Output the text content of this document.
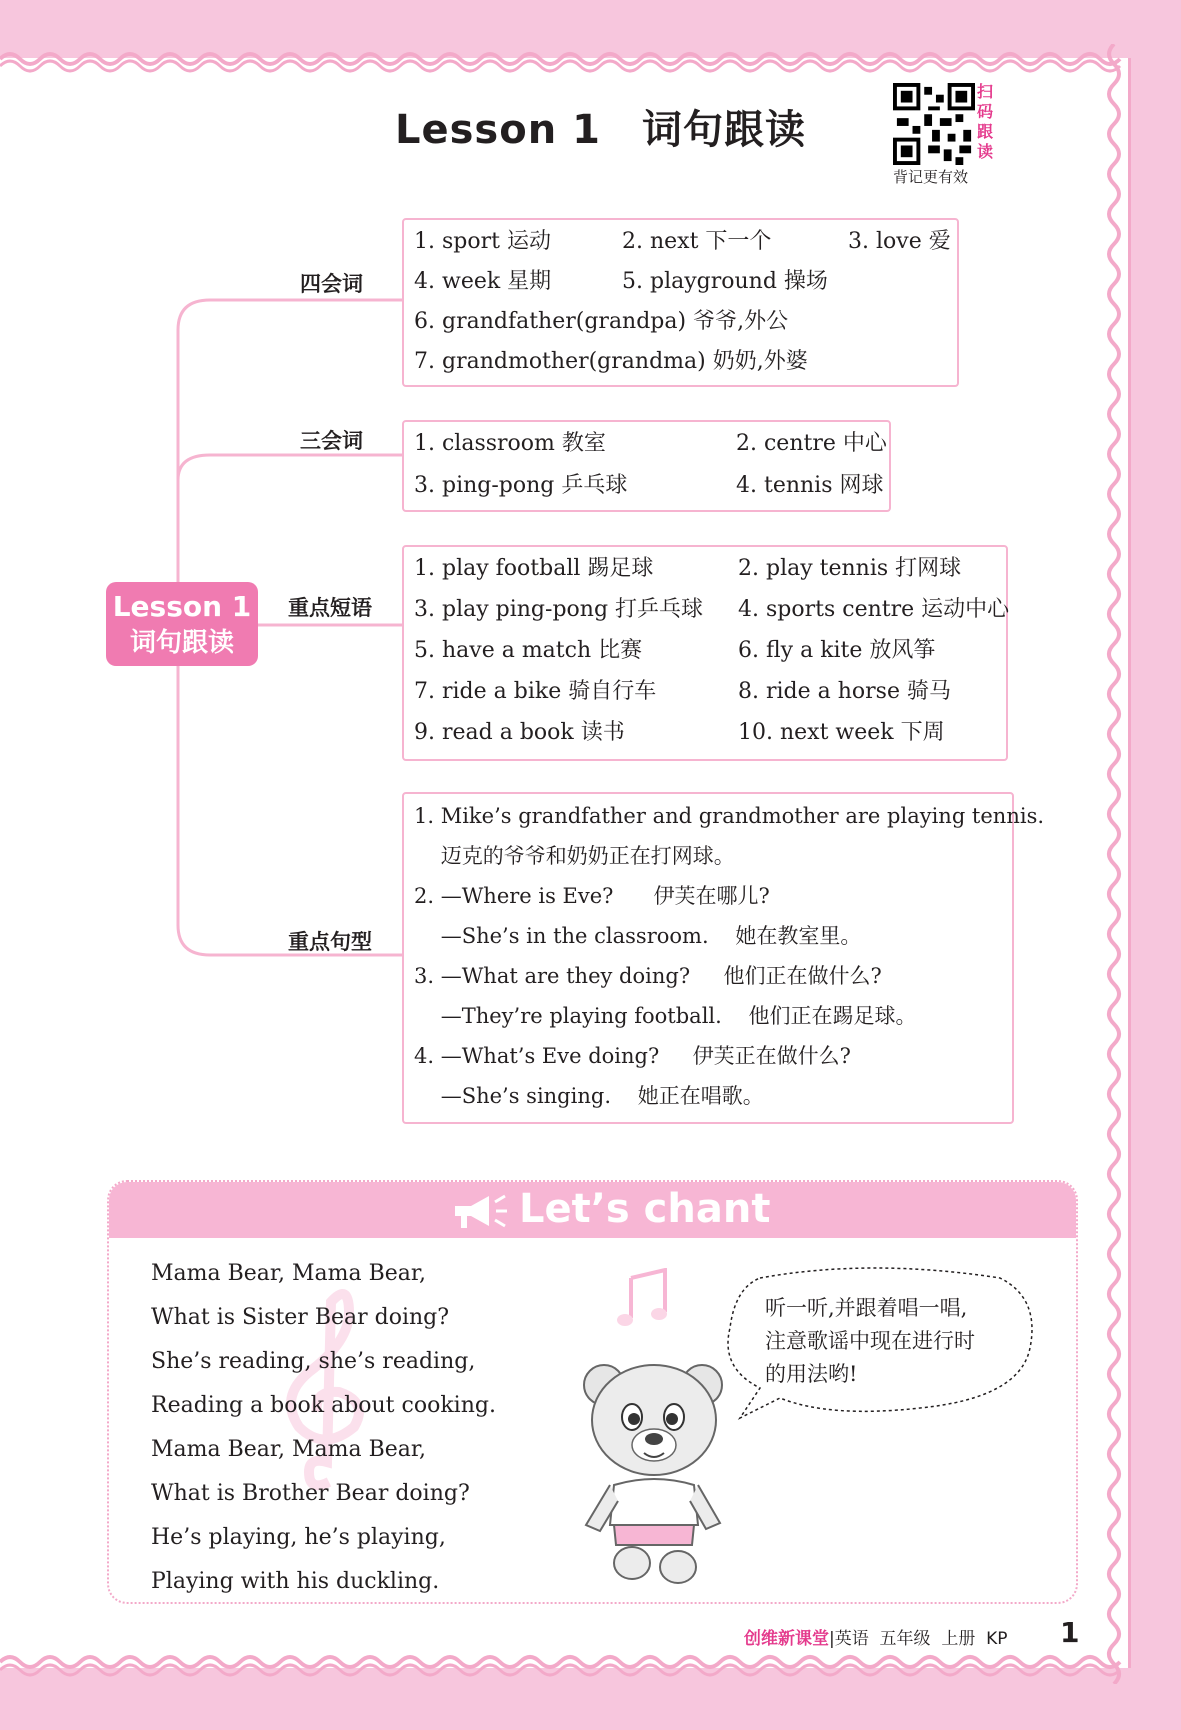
Lesson 1　词句跟读
扫
码
跟
读
背记更有效
Lesson 1
词句跟读
四会词
三会词
重点短语
重点句型
1. sport 运动	2. next 下一个	3. love 爱
4. week 星期	5. playground 操场
6. grandfather(grandpa) 爷爷,外公
7. grandmother(grandma) 奶奶,外婆
1. classroom 教室	2. centre 中心
3. ping-pong 乒乓球	4. tennis 网球
1. play football 踢足球	2. play tennis 打网球
3. play ping-pong 打乒乓球 4. sports centre 运动中心
5. have a match 比赛	6. fly a kite 放风筝
7. ride a bike 骑自行车	8. ride a horse 骑马
9. read a book 读书	10. next week 下周
1. Mike’s grandfather and grandmother are playing tennis.
迈克的爷爷和奶奶正在打网球。
2. —Where is Eve?      伊芙在哪儿?
—She’s in the classroom.    她在教室里。
3. —What are they doing?     他们正在做什么?
—They’re playing football.    他们正在踢足球。
4. —What’s Eve doing?     伊芙正在做什么?
—She’s singing.    她正在唱歌。
Let’s chant
Mama Bear, Mama Bear,
What is Sister Bear doing?
She’s reading, she’s reading,
Reading a book about cooking.
Mama Bear, Mama Bear,
What is Brother Bear doing?
He’s playing, he’s playing,
Playing with his duckling.
听一听,并跟着唱一唱,
注意歌谣中现在进行时
的用法哟!
创维新课堂|英语  五年级  上册  KP 1
